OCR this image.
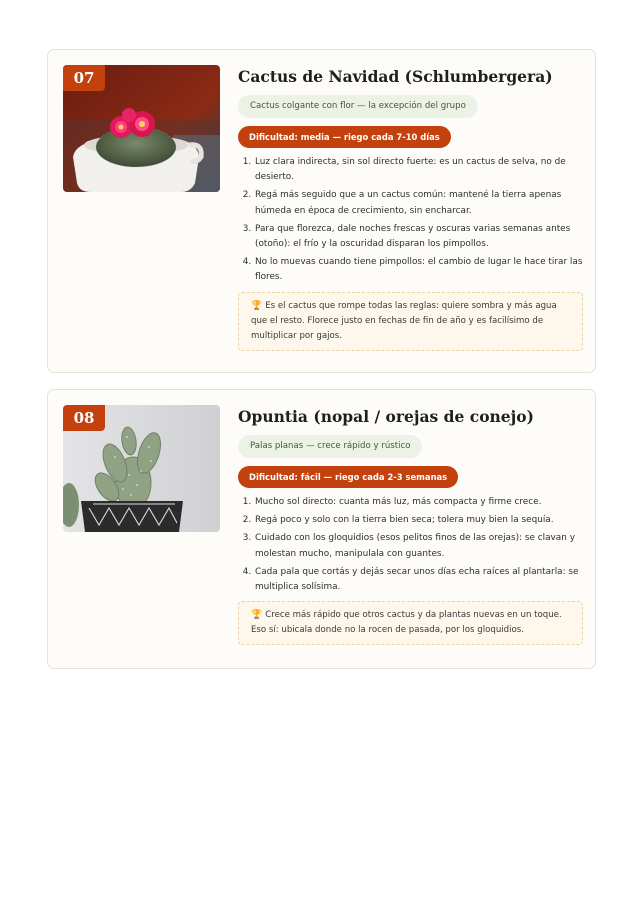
07	Cactus de Navidad (Schlumbergera)
Cactus colgante con flor — la excepción del grupo
Dificultad: media — riego cada 7-10 días
1. Luz clara indirecta, sin sol directo fuerte: es un cactus de selva, no de desierto.
2. Regá más seguido que a un cactus común: mantené la tierra apenas húmeda en época de crecimiento, sin encharcar.
3. Para que florezca, dale noches frescas y oscuras varias semanas antes (otoño): el frío y la oscuridad disparan los pimpollos.
4. No lo muevas cuando tiene pimpollos: el cambio de lugar le hace tirar las flores.
🏆 Es el cactus que rompe todas las reglas: quiere sombra y más agua que el resto. Florece justo en fechas de fin de año y es facilísimo de multiplicar por gajos.
08	Opuntia (nopal / orejas de conejo)
Palas planas — crece rápido y rústico
Dificultad: fácil — riego cada 2-3 semanas
1. Mucho sol directo: cuanta más luz, más compacta y firme crece.
2. Regá poco y solo con la tierra bien seca; tolera muy bien la sequía.
3. Cuidado con los gloquidios (esos pelitos finos de las orejas): se clavan y molestan mucho, manipulala con guantes.
4. Cada pala que cortás y dejás secar unos días echa raíces al plantarla: se multiplica solísima.
🏆 Crece más rápido que otros cactus y da plantas nuevas en un toque. Eso sí: ubicala donde no la rocen de pasada, por los gloquidios.
